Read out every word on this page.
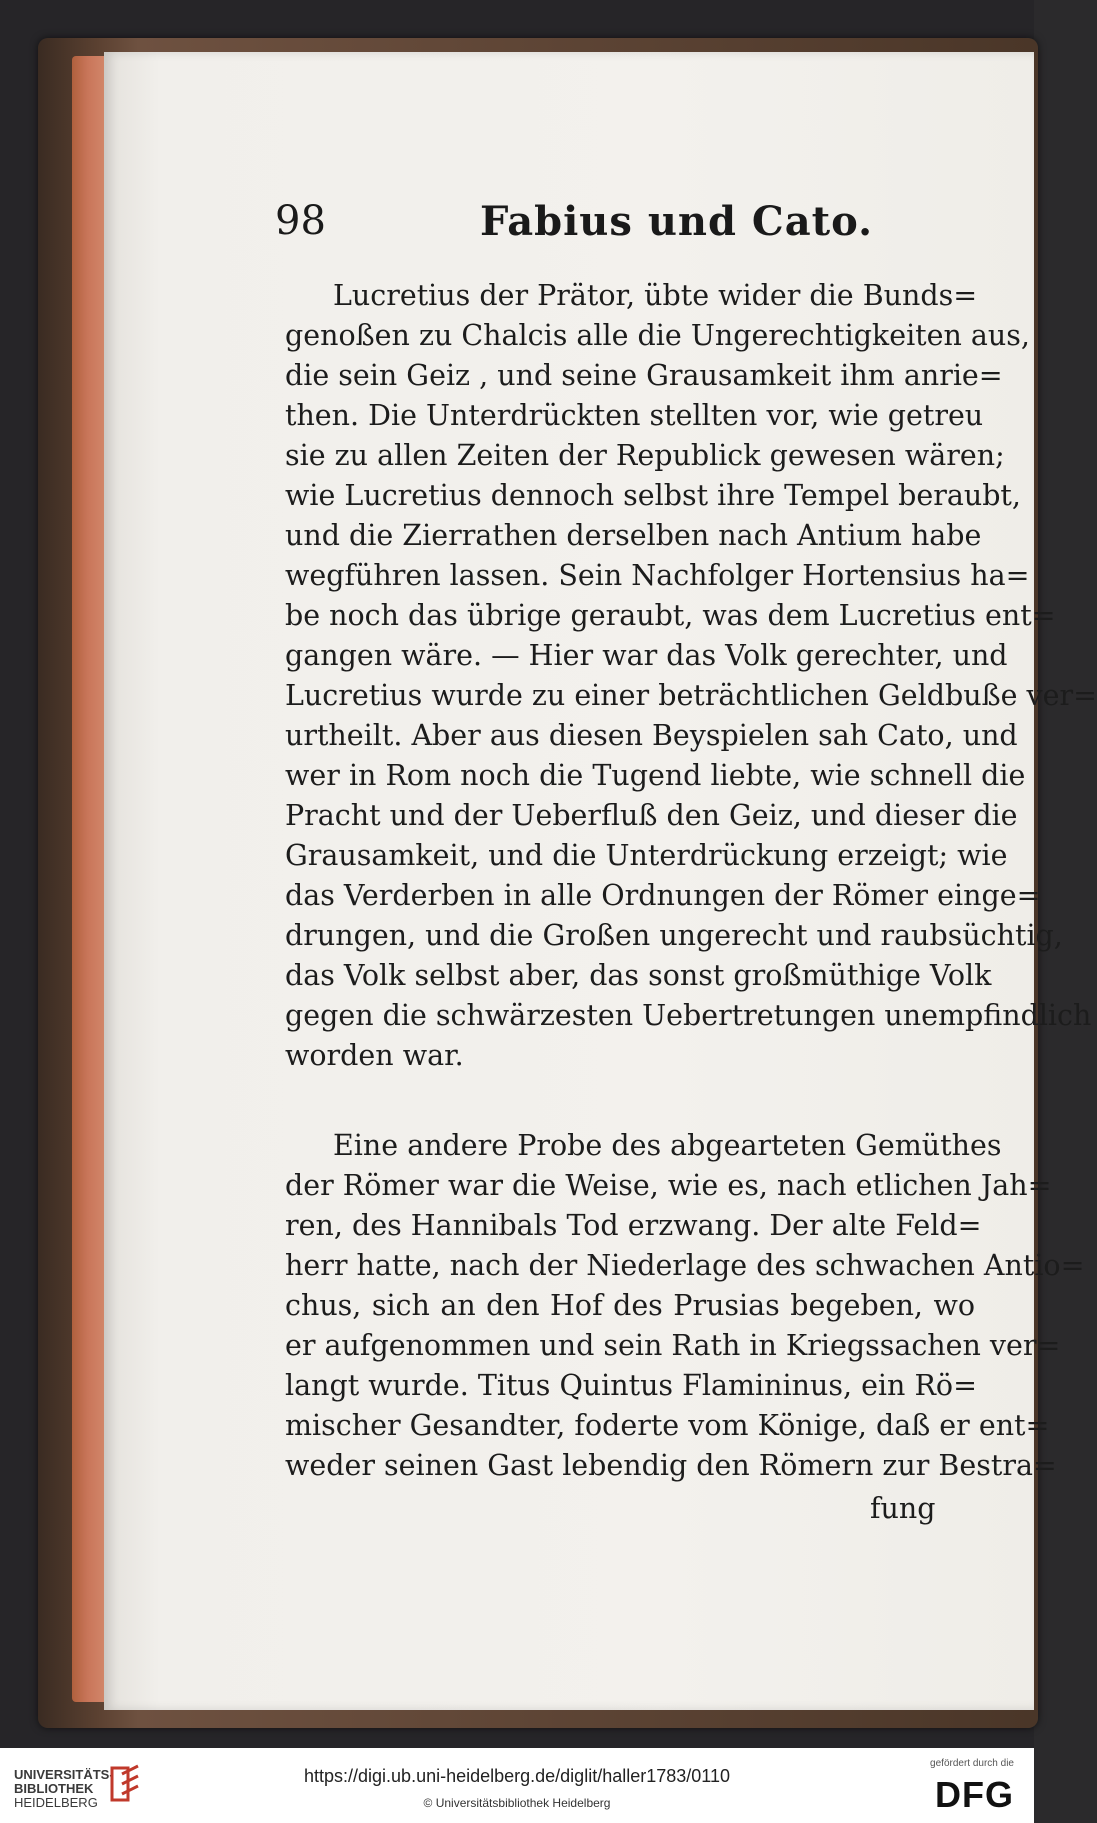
98	Fabius und Cato.
Lucretius der Prätor, übte wider die Bunds=
genoßen zu Chalcis alle die Ungerechtigkeiten aus,
die sein Geiz , und seine Grausamkeit ihm anrie=
then. Die Unterdrückten stellten vor, wie getreu
sie zu allen Zeiten der Republick gewesen wären;
wie Lucretius dennoch selbst ihre Tempel beraubt,
und die Zierrathen derselben nach Antium habe
wegführen lassen. Sein Nachfolger Hortensius ha=
be noch das übrige geraubt, was dem Lucretius ent=
gangen wäre. — Hier war das Volk gerechter, und
Lucretius wurde zu einer beträchtlichen Geldbuße ver=
urtheilt. Aber aus diesen Beyspielen sah Cato, und
wer in Rom noch die Tugend liebte, wie schnell die
Pracht und der Ueberfluß den Geiz, und dieser die
Grausamkeit, und die Unterdrückung erzeigt; wie
das Verderben in alle Ordnungen der Römer einge=
drungen, und die Großen ungerecht und raubsüchtig,
das Volk selbst aber, das sonst großmüthige Volk
gegen die schwärzesten Uebertretungen unempfindlich
worden war.
Eine andere Probe des abgearteten Gemüthes
der Römer war die Weise, wie es, nach etlichen Jah=
ren, des Hannibals Tod erzwang. Der alte Feld=
herr hatte, nach der Niederlage des schwachen Antio=
chus, sich an den Hof des Prusias begeben, wo
er aufgenommen und sein Rath in Kriegssachen ver=
langt wurde. Titus Quintus Flamininus, ein Rö=
mischer Gesandter, foderte vom Könige, daß er ent=
weder seinen Gast lebendig den Römern zur Bestra=
fung
UNIVERSITÄTS-
BIBLIOTHEK
HEIDELBERG
https://digi.ub.uni-heidelberg.de/diglit/haller1783/0110
© Universitätsbibliothek Heidelberg
gefördert durch die
DFG
